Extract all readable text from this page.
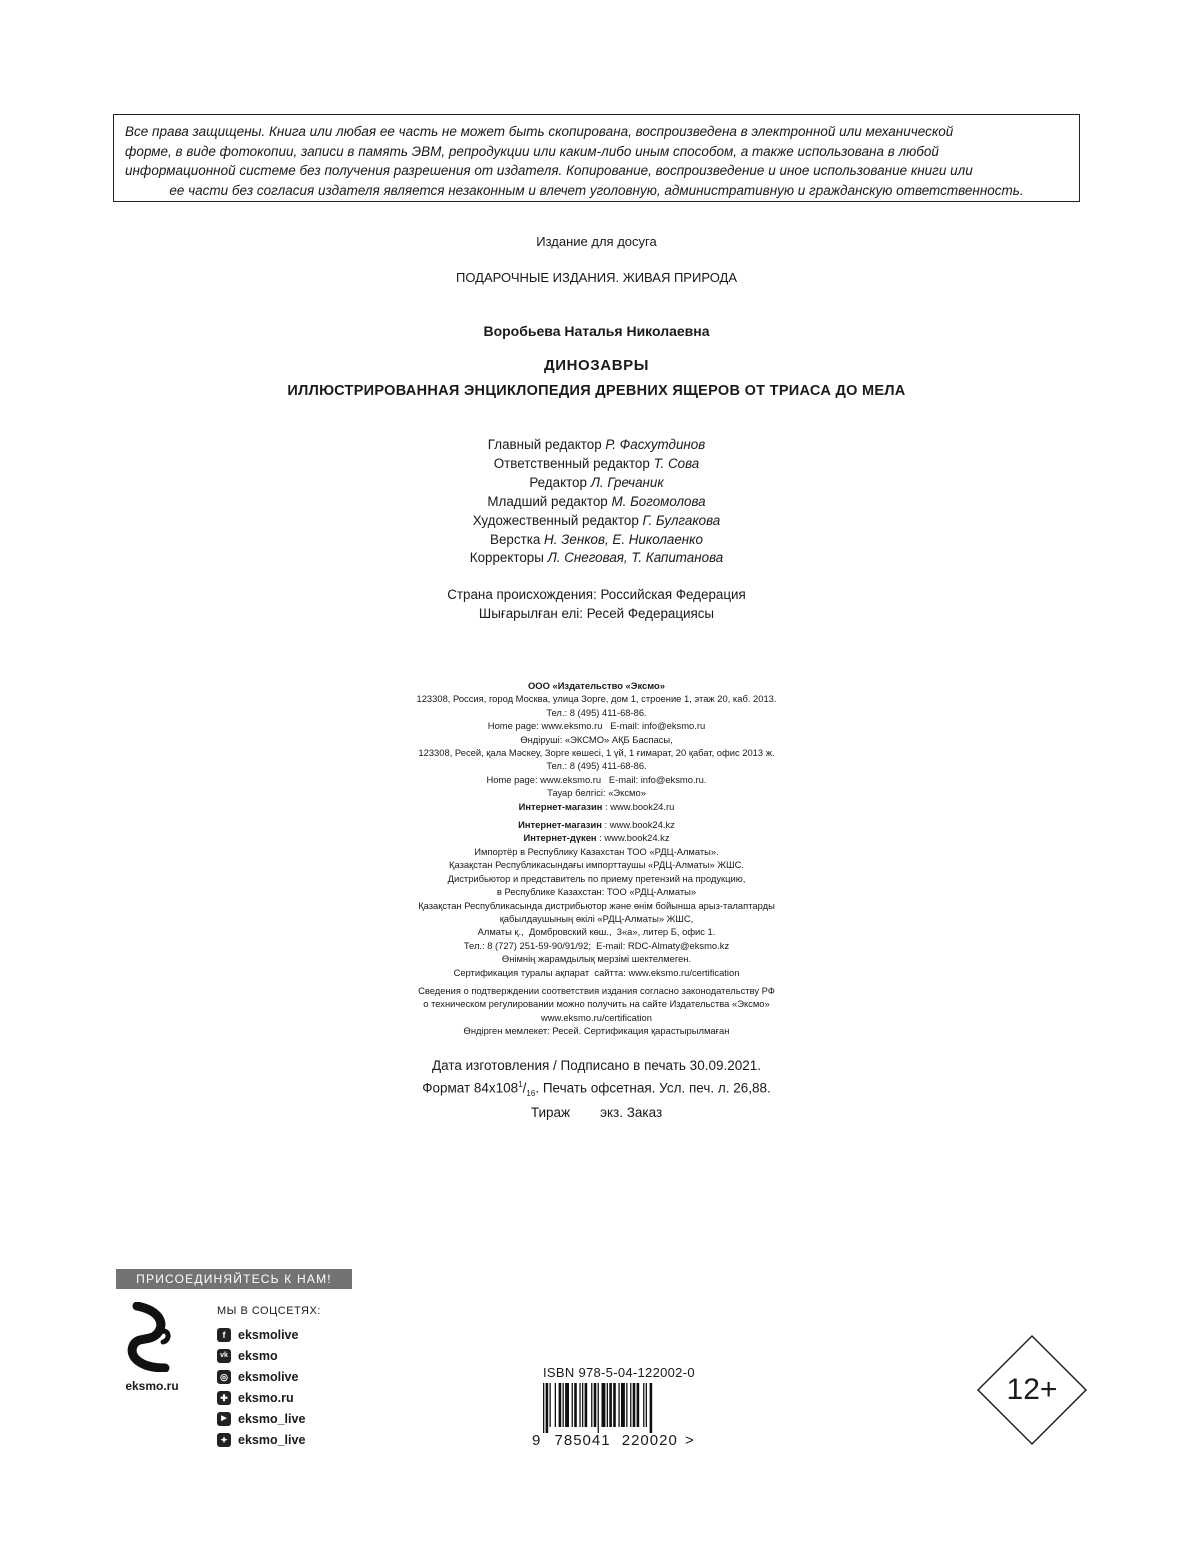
Все права защищены. Книга или любая ее часть не может быть скопирована, воспроизведена в электронной или механической
форме, в виде фотокопии, записи в память ЭВМ, репродукции или каким-либо иным способом, а также использована в любой
информационной системе без получения разрешения от издателя. Копирование, воспроизведение и иное использование книги или
ее части без согласия издателя является незаконным и влечет уголовную, административную и гражданскую ответственность.
Издание для досуга
ПОДАРОЧНЫЕ ИЗДАНИЯ. ЖИВАЯ ПРИРОДА
Воробьева Наталья Николаевна
ДИНОЗАВРЫ
ИЛЛЮСТРИРОВАННАЯ ЭНЦИКЛОПЕДИЯ ДРЕВНИХ ЯЩЕРОВ ОТ ТРИАСА ДО МЕЛА
Главный редактор Р. Фасхутдинов
Ответственный редактор Т. Сова
Редактор Л. Гречаник
Младший редактор М. Богомолова
Художественный редактор Г. Булгакова
Верстка Н. Зенков, Е. Николаенко
Корректоры Л. Снеговая, Т. Капитанова
Страна происхождения: Российская Федерация
Шығарылған елі: Ресей Федерациясы
ООО «Издательство «Эксмо»
123308, Россия, город Москва, улица Зорге, дом 1, строение 1, этаж 20, каб. 2013.
Тел.: 8 (495) 411-68-86.
Home page: www.eksmo.ru   E-mail: info@eksmo.ru
Өндіруші: «ЭКСМО» АҚБ Баспасы,
123308, Ресей, қала Мәскеу, Зорге көшесі, 1 үй, 1 ғимарат, 20 қабат, офис 2013 ж.
Тел.: 8 (495) 411-68-86.
Home page: www.eksmo.ru   E-mail: info@eksmo.ru.
Тауар белгісі: «Эксмо»
Интернет-магазин : www.book24.ru
Интернет-магазин : www.book24.kz
Интернет-дүкен : www.book24.kz
Импортёр в Республику Казахстан ТОО «РДЦ-Алматы».
Қазақстан Республикасындағы импорттаушы «РДЦ-Алматы» ЖШС.
Дистрибьютор и представитель по приему претензий на продукцию,
в Республике Казахстан: ТОО «РДЦ-Алматы»
Қазақстан Республикасында дистрибьютор және өнім бойынша арыз-талаптарды
қабылдаушының өкілі «РДЦ-Алматы» ЖШС,
Алматы қ.,  Домбровский көш.,  3«а», литер Б, офис 1.
Тел.: 8 (727) 251-59-90/91/92;  E-mail: RDC-Almaty@eksmo.kz
Өнімнің жарамдылық мерзімі шектелмеген.
Сертификация туралы ақпарат  сайтта: www.eksmo.ru/certification
Сведения о подтверждении соответствия издания согласно законодательству РФ
о техническом регулировании можно получить на сайте Издательства «Эксмо»
www.eksmo.ru/certification
Өндірген мемлекет: Ресей. Сертификация қарастырылмаған
Дата изготовления / Подписано в печать 30.09.2021.
Формат $84х108^1/_{16}$. Печать офсетная. Усл. печ. л. 26,88.
Тираж экз. Заказ
ПРИСОЕДИНЯЙТЕСЬ К НАМ!
eksmo.ru
МЫ В СОЦСЕТЯХ:
f	eksmolive
vk eksmo
◎ eksmolive
✚ eksmo.ru
▶ eksmo_live
✦ eksmo_live
ISBN 978-5-04-122002-0
9 785041 220020 >
12+
